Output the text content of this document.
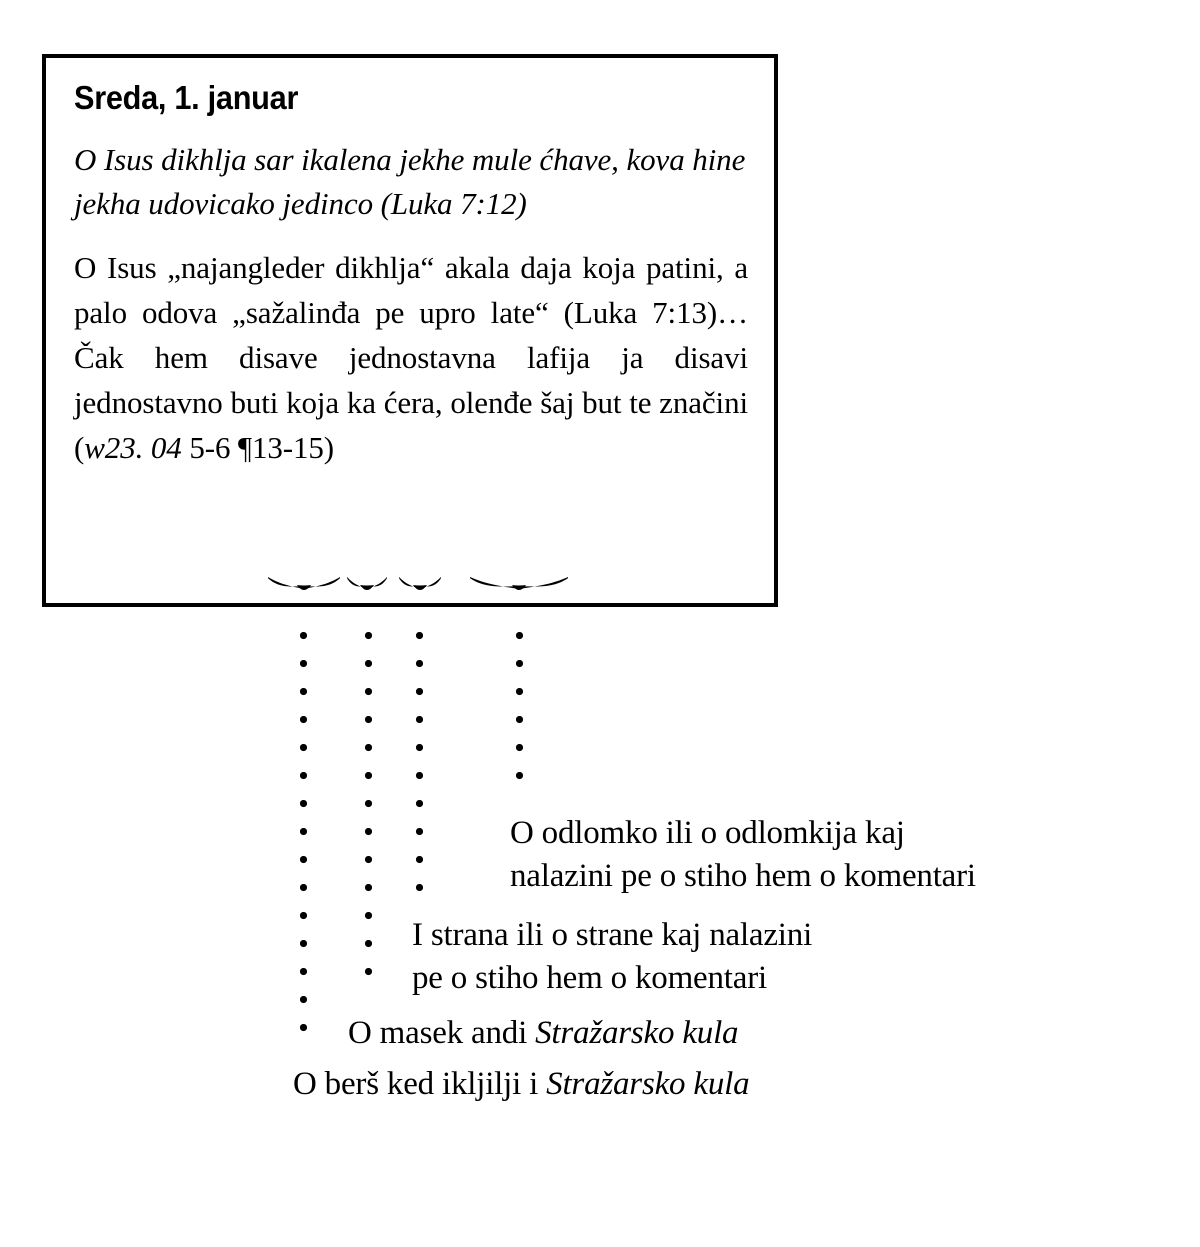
Sreda, 1. januar

O Isus dikhlja sar ikalena jekhe mule ćhave, kova hine jekha udovicako jedinco (Luka 7:12)

O Isus „najangleder dikhlja“ akala daja koja patini, a palo odova „sažalinđa pe upro late“ (Luka 7:13)… Čak hem disave jednostavna lafija ja disavi jednostavno buti koja ka ćera, olenđe šaj but te značini (w23. 04 5-6 ¶13-15)

O odlomko ili o odlomkija kaj
nalazini pe o stiho hem o komentari
I strana ili o strane kaj nalazini
pe o stiho hem o komentari
O masek andi Stražarsko kula
O berš ked ikljilji i Stražarsko kula
